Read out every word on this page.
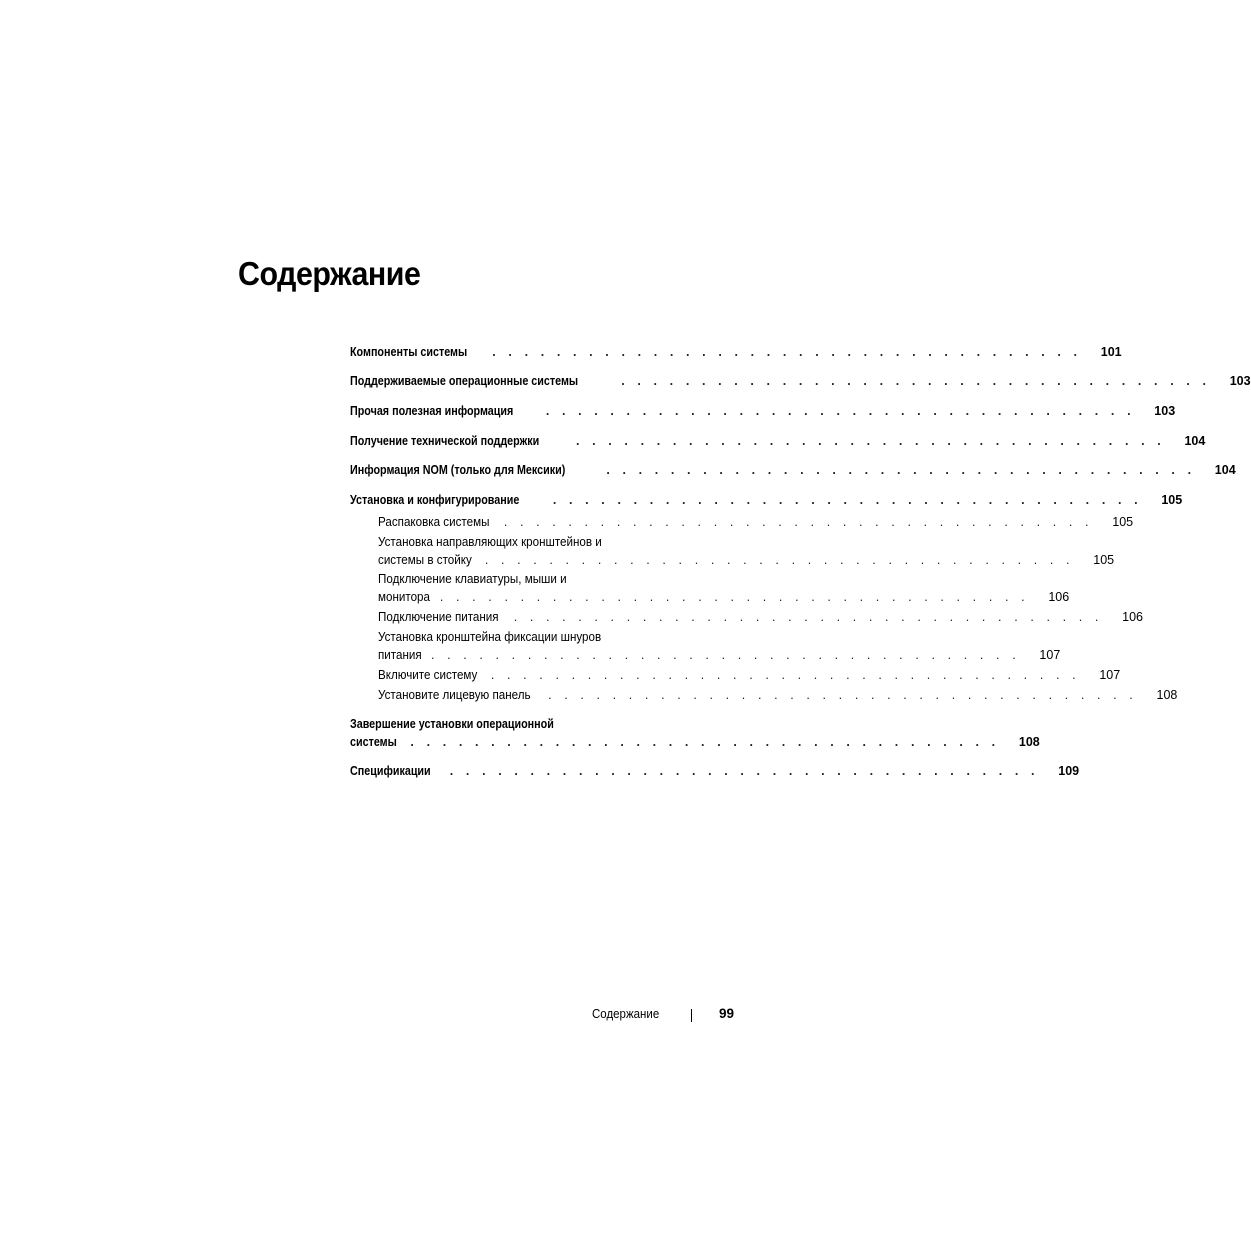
Содержание
Компоненты системы . . . . . . . . . . . . . . . . . . . . . . . . . . . . . . . . . . . . .	101
Поддерживаемые операционные системы	. . . . . . . . . . . . . . . . . . . . . . . . . . . . . . . . . . . . .	103
Прочая полезная информация	. . . . . . . . . . . . . . . . . . . . . . . . . . . . . . . . . . . . .	103
Получение технической поддержки	. . . . . . . . . . . . . . . . . . . . . . . . . . . . . . . . . . . . .	104
Информация NOM (только для Мексики)	. . . . . . . . . . . . . . . . . . . . . . . . . . . . . . . . . . . . .	104
Установка и конфигурирование	. . . . . . . . . . . . . . . . . . . . . . . . . . . . . . . . . . . . .	105
Распаковка системы . . . . . . . . . . . . . . . . . . . . . . . . . . . . . . . . . . . . .	105
Установка направляющих кронштейнов и
системы в стойку . . . . . . . . . . . . . . . . . . . . . . . . . . . . . . . . . . . . .	105
Подключение клавиатуры, мыши и
монитора . . . . . . . . . . . . . . . . . . . . . . . . . . . . . . . . . . . . .	106
Подключение питания . . . . . . . . . . . . . . . . . . . . . . . . . . . . . . . . . . . . .	106
Установка кронштейна фиксации шнуров
питания . . . . . . . . . . . . . . . . . . . . . . . . . . . . . . . . . . . . .	107
Включите систему . . . . . . . . . . . . . . . . . . . . . . . . . . . . . . . . . . . . .	107
Установите лицевую панель . . . . . . . . . . . . . . . . . . . . . . . . . . . . . . . . . . . . .	108
Завершение установки операционной
системы . . . . . . . . . . . . . . . . . . . . . . . . . . . . . . . . . . . . .	108
Спецификации . . . . . . . . . . . . . . . . . . . . . . . . . . . . . . . . . . . . .	109
Содержание	99
